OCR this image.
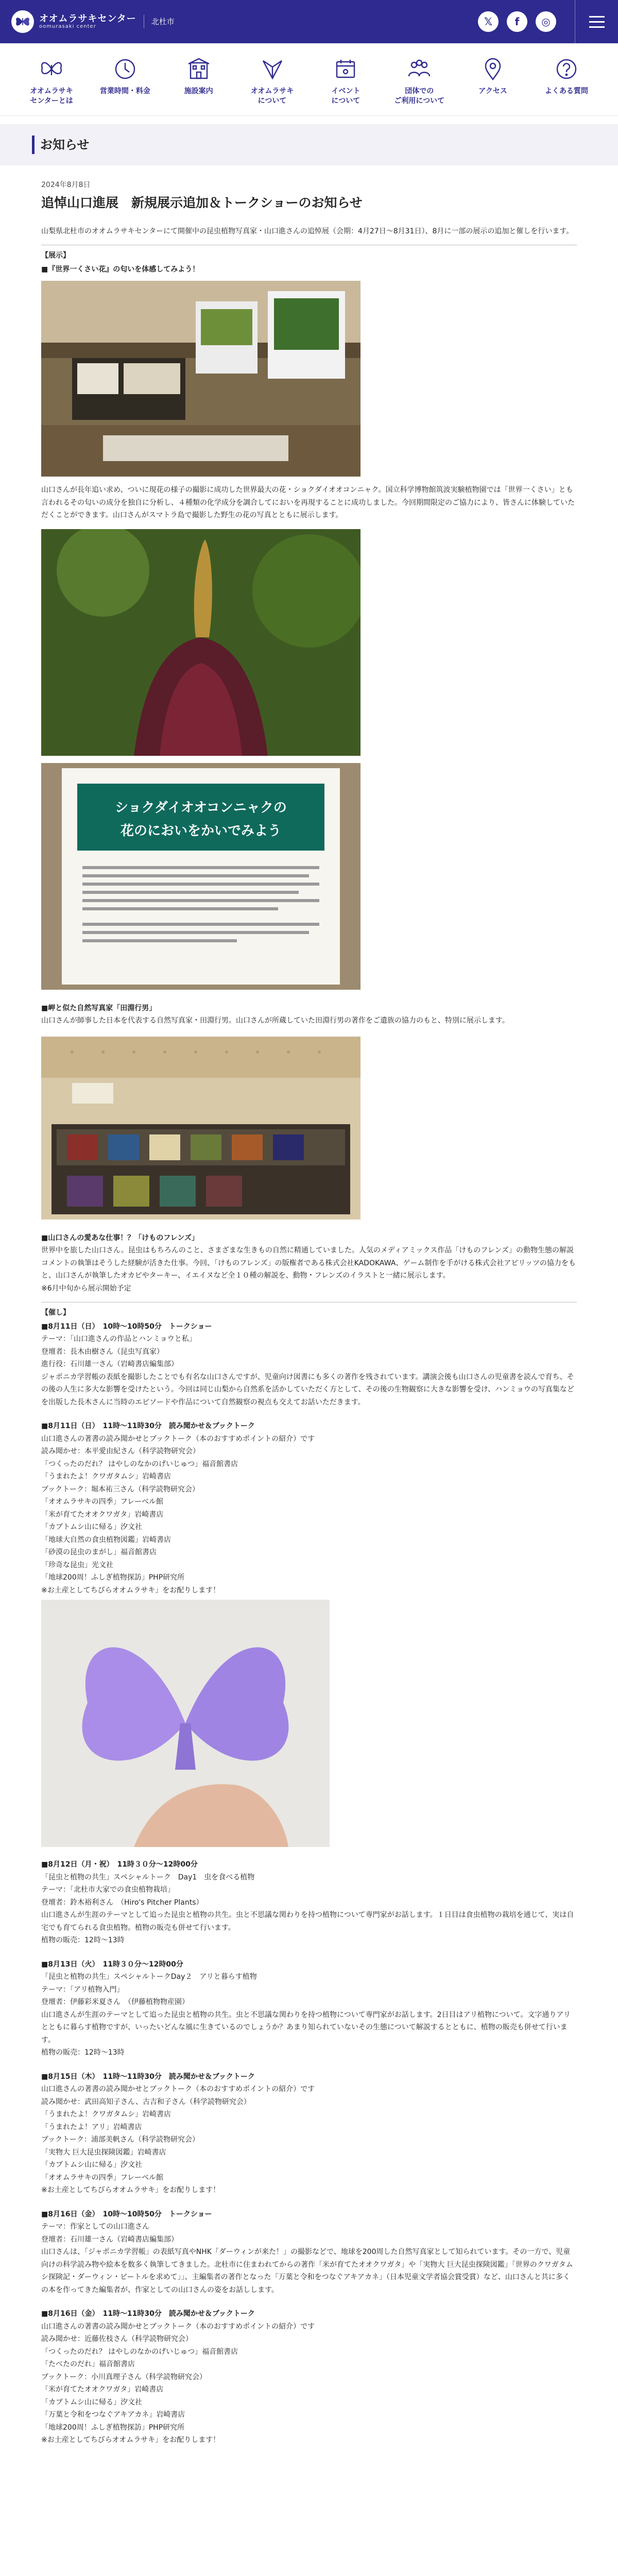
オオムラサキセンター
oomurasaki center
北杜市	𝕏	f	◎
オオムラサキ
センターとは
営業時間・料金	施設案内	オオムラサキ
について
イベント
について
団体での
ご利用について
アクセス	よくある質問
お知らせ
2024年8月8日
追悼山口進展　新規展示追加＆トークショーのお知らせ

山梨県北杜市のオオムラサキセンターにて開催中の昆虫植物写真家・山口進さんの追悼展（会期：4月27日〜8月31日）、8月に一部の展示の追加と催しを行います。

【展示】

■『世界一くさい花』の匂いを体感してみよう！

山口さんが長年追い求め、ついに現花の様子の撮影に成功した世界最大の花・ショクダイオオコンニャク。国立科学博物館筑波実験植物園では「世界一くさい」とも言われるその匂いの成分を独自に分析し、４種類の化学成分を調合してにおいを再現することに成功しました。今回期間限定のご協力により、皆さんに体験していただくことができます。山口さんがスマトラ島で撮影した野生の花の写真とともに展示します。

ショクダイオオコンニャクの
花のにおいをかいでみよう

■岬と似た自然写真家「田淵行男」

山口さんが師事した日本を代表する自然写真家・田淵行男。山口さんが所蔵していた田淵行男の著作をご遺族の協力のもと、特別に展示します。

■山口さんの愛あな仕事！？「けものフレンズ」

世界中を旅した山口さん。昆虫はもちろんのこと、さまざまな生きもの自然に精通していました。人気のメディアミックス作品「けものフレンズ」の動物生態の解説コメントの執筆はそうした経験が活きた仕事。今回、「けものフレンズ」の版権者である株式会社KADOKAWA、ゲーム制作を手がける株式会社アピリッツの協力をもと、山口さんが執筆したオカピやターキー、イエイヌなど全１０種の解説を、動物・フレンズのイラストと一緒に展示します。

※6月中旬から展示開始予定

【催し】

■8月11日（日）　10時〜10時50分　トークショー

テーマ：「山口進さんの作品とハンミョウと私」

登壇者：長木由樹さん（昆虫写真家）

進行役：石川雄一さん（岩崎書店編集部）

ジャポニカ学習帳の表紙を撮影したことでも有名な山口さんですが、児童向け図書にも多くの著作を残されています。講演会後も山口さんの児童書を読んで育ち、その後の人生に多大な影響を受けたという。今回は同じ山梨から自然系を活かしていただく方として、その後の生物観察に大きな影響を受け、ハンミョウの写真集などを出版した長木さんに当時のエピソードや作品について自然観察の視点も交えてお話いただきます。

■8月11日（日）　11時〜11時30分　読み聞かせ＆ブックトーク

山口進さんの著書の読み聞かせとブックトーク（本のおすすめポイントの紹介）です

読み聞かせ：本平愛由紀さん（科学読物研究会）

「つくったのだれ？ はやしのなかのげいじゅつ」福音館書店

「うまれたよ！クワガタムシ」岩崎書店

ブックトーク：堀本祐三さん（科学読物研究会）

「オオムラサキの四季」フレーベル館

「米が育てたオオクワガタ」岩崎書店

「カブトムシ山に帰る」汐文社

「地球大自然の食虫植物図鑑」岩崎書店

「砂漠の昆虫のまがし」福音館書店

「珍奇な昆虫」光文社

「地球200周！ふしぎ植物探訪」PHP研究所

※お土産としてちびらオオムラサキ」をお配りします！

■8月12日（月・祝）　11時３０分〜12時00分

「昆虫と植物の共生」スペシャルトーク　Day1　虫を食べる植物

テーマ：「北杜市大家での食虫植物栽培」

登壇者：鈴木裕利さん　（Hiro's Pitcher Plants）

山口進さんが生涯のテーマとして追った昆虫と植物の共生。虫と不思議な関わりを持つ植物について専門家がお話します。１日目は食虫植物の栽培を通じて、実は自宅でも育てられる食虫植物。植物の販売も併せて行います。

植物の販売：12時〜13時

■8月13日（火）　11時３０分〜12時00分

「昆虫と植物の共生」スペシャルトークDay２　アリと暮らす植物

テーマ：「アリ植物入門」

登壇者：伊藤彩米夏さん　（伊藤植物物産園）

山口進さんが生涯のテーマとして追った昆虫と植物の共生。虫と不思議な関わりを持つ植物について専門家がお話します。2日目はアリ植物について。文字通りアリとともに暮らす植物ですが、いったいどんな風に生きているのでしょうか？あまり知られていないその生態について解説するとともに、植物の販売も併せて行います。

植物の販売：12時〜13時

■8月15日（木）　11時〜11時30分　読み聞かせ＆ブックトーク

山口進さんの著書の読み聞かせとブックトーク（本のおすすめポイントの紹介）です

読み聞かせ：武田高知子さん、古吉和子さん（科学読物研究会）

「うまれたよ！クワガタムシ」岩崎書店

「うまれたよ！アリ」岩崎書店

ブックトーク：浦部美帆さん（科学読物研究会）

「実物大 巨大昆虫探険図鑑」岩崎書店

「カブトムシ山に帰る」汐文社

「オオムラサキの四季」フレーベル館

※お土産としてちびらオオムラサキ」をお配りします！

■8月16日（金）　10時〜10時50分　トークショー

テーマ：作家としての山口進さん

登壇者：石川雄一さん（岩崎書店編集部）

山口さんは、「ジャポニカ学習帳」の表紙写真やNHK「ダーウィンが来た！」の撮影などで、地球を200周した自然写真家として知られています。その一方で、児童向けの科学読み物や絵本を数多く執筆してきました。北杜市に住まわれてからの著作「米が育てたオオクワガタ」や「実物大 巨大昆虫探険図鑑」「世界のクワガタムシ探険記・ダーウィン・ビートルを求めて」」、主編集者の著作となった「万葉と令和をつなぐアキアカネ」（日本児童文学者協会賞受賞）など、山口さんと共に多くの本を作ってきた編集者が、作家としての山口さんの姿をお話しします。

■8月16日（金）　11時〜11時30分　読み聞かせ＆ブックトーク

山口進さんの著書の読み聞かせとブックトーク（本のおすすめポイントの紹介）です

読み聞かせ：近藤佐枝さん（科学読物研究会）

「つくったのだれ？ はやしのなかのげいじゅつ」福音館書店

「たべたのだれ」福音館書店

ブックトーク：小川真理子さん（科学読物研究会）

「米が育てたオオクワガタ」岩崎書店

「カブトムシ山に帰る」汐文社

「万葉と令和をつなぐアキアカネ」岩崎書店

「地球200周！ふしぎ植物探訪」PHP研究所

※お土産としてちびらオオムラサキ」をお配りします！
